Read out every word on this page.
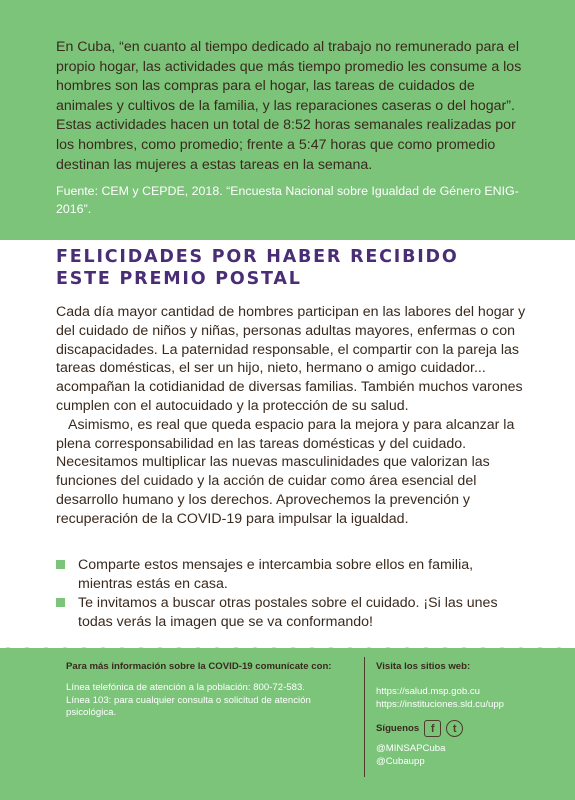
En Cuba, “en cuanto al tiempo dedicado al trabajo no remunerado para el propio hogar, las actividades que más tiempo promedio les consume a los hombres son las compras para el hogar, las tareas de cuidados de animales y cultivos de la familia, y las reparaciones caseras o del hogar”. Estas actividades hacen un total de 8:52 horas semanales realizadas por los hombres, como promedio; frente a 5:47 horas que como promedio destinan las mujeres a estas tareas en la semana.
Fuente: CEM y CEPDE, 2018. “Encuesta Nacional sobre Igualdad de Género ENIG-2016”.
FELICIDADES POR HABER RECIBIDO
ESTE PREMIO POSTAL

Cada día mayor cantidad de hombres participan en las labores del hogar y del cuidado de niños y niñas, personas adultas mayores, enfermas o con discapacidades. La paternidad responsable, el compartir con la pareja las tareas domésticas, el ser un hijo, nieto, hermano o amigo cuidador... acompañan la cotidianidad de diversas familias. También muchos varones cumplen con el autocuidado y la protección de su salud.

Asimismo, es real que queda espacio para la mejora y para alcanzar la plena corresponsabilidad en las tareas domésticas y del cuidado. Necesitamos multiplicar las nuevas masculinidades que valorizan las funciones del cuidado y la acción de cuidar como área esencial del desarrollo humano y los derechos. Aprovechemos la prevención y recuperación de la COVID-19 para impulsar la igualdad.

Comparte estos mensajes e intercambia sobre ellos en familia, mientras estás en casa.
Te invitamos a buscar otras postales sobre el cuidado. ¡Si las unes todas verás la imagen que se va conformando!
Para más información sobre la COVID-19 comunícate con:
Línea telefónica de atención a la población: 800-72-583.
Línea 103: para cualquier consulta o solicitud de atención psicológica.
Visita los sitios web:
https://salud.msp.gob.cu
https://instituciones.sld.cu/upp
Síguenos	f	t
@MINSAPCuba
@Cubaupp
